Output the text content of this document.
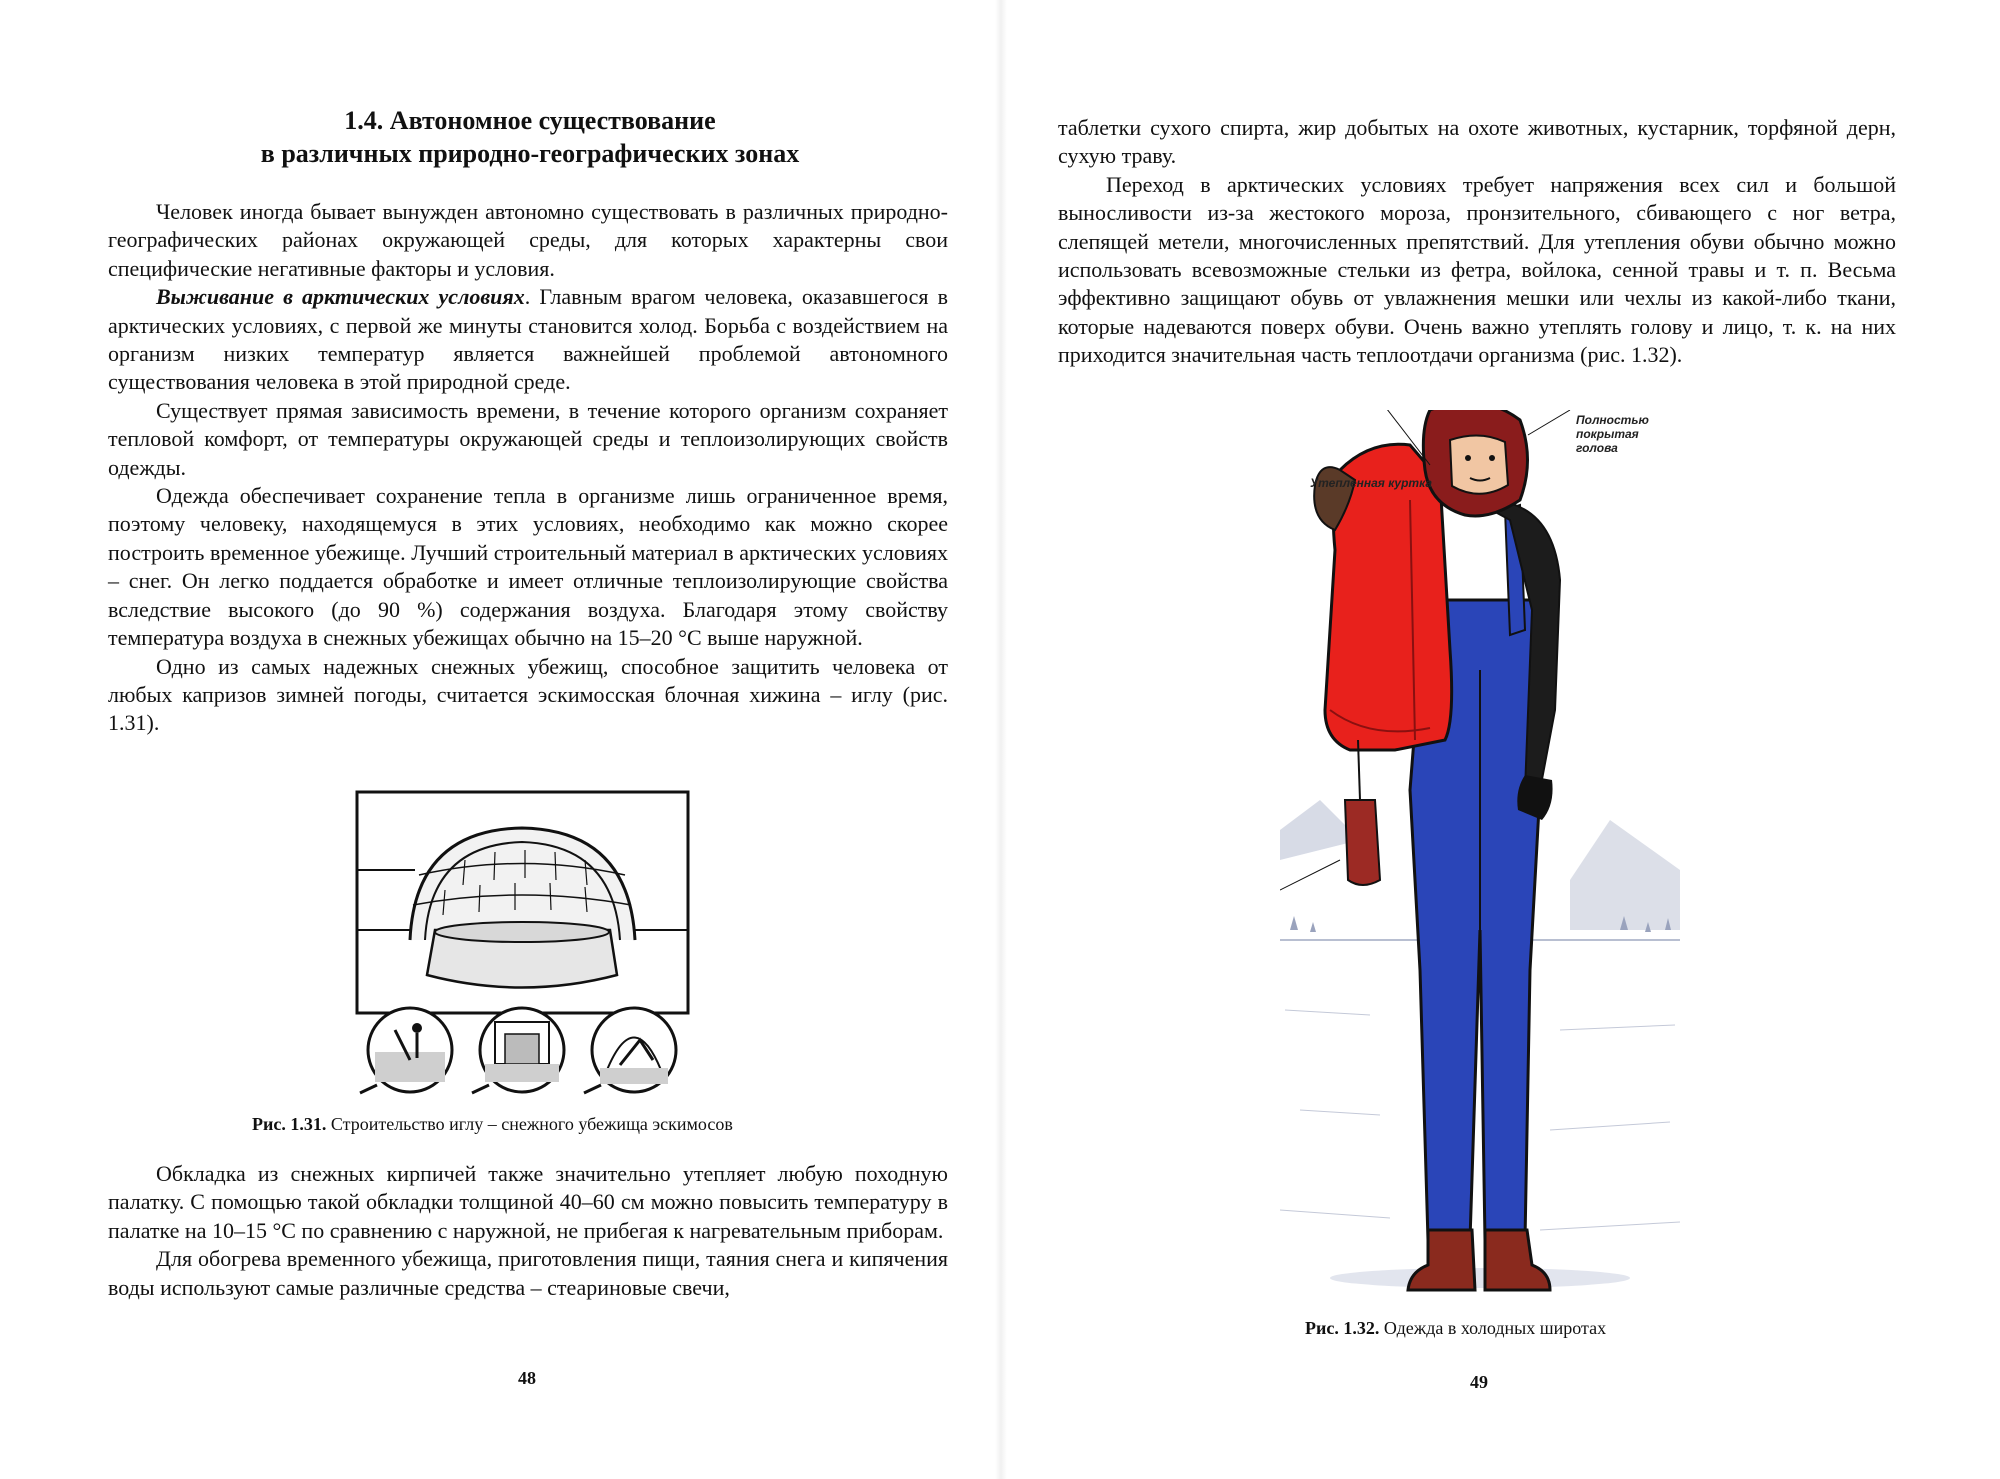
1.4. Автономное существование
в различных природно-географических зонах

Человек иногда бывает вынужден автономно существовать в различных природно-географических районах окружающей среды, для которых характерны свои специфические негативные факторы и условия.

Выживание в арктических условиях. Главным врагом человека, оказавшегося в арктических условиях, с первой же минуты становится холод. Борьба с воздействием на организм низких температур является важнейшей проблемой автономного существования человека в этой природной среде.

Существует прямая зависимость времени, в течение которого организм сохраняет тепловой комфорт, от температуры окружающей среды и теплоизолирующих свойств одежды.

Одежда обеспечивает сохранение тепла в организме лишь ограниченное время, поэтому человеку, находящемуся в этих условиях, необходимо как можно скорее построить временное убежище. Лучший строительный материал в арктических условиях – снег. Он легко поддается обработке и имеет отличные теплоизолирующие свойства вследствие высокого (до 90 %) содержания воздуха. Благодаря этому свойству температура воздуха в снежных убежищах обычно на 15–20 °С выше наружной.

Одно из самых надежных снежных убежищ, способное защитить человека от любых капризов зимней погоды, считается эскимосская блочная хижина – иглу (рис. 1.31).

Рис. 1.31. Строительство иглу – снежного убежища эскимосов

Обкладка из снежных кирпичей также значительно утепляет любую походную палатку. С помощью такой обкладки толщиной 40–60 см можно повысить температуру в палатке на 10–15 °С по сравнению с наружной, не прибегая к нагревательным приборам.

Для обогрева временного убежища, приготовления пищи, таяния снега и кипячения воды используют самые различные средства – стеариновые свечи,

48

таблетки сухого спирта, жир добытых на охоте животных, кустарник, торфяной дерн, сухую траву.

Переход в арктических условиях требует напряжения всех сил и большой выносливости из-за жестокого мороза, пронзительного, сбивающего с ног ветра, слепящей метели, многочисленных препятствий. Для утепления обуви обычно можно использовать всевозможные стельки из фетра, войлока, сенной травы и т. п. Весьма эффективно защищают обувь от увлажнения мешки или чехлы из какой-либо ткани, которые надеваются поверх обуви. Очень важно утеплять голову и лицо, т. к. на них приходится значительная часть теплоотдачи организма (рис. 1.32).

Рис. 1.32. Одежда в холодных широтах
49
Полностью покрытая голова
Утепленная куртка
